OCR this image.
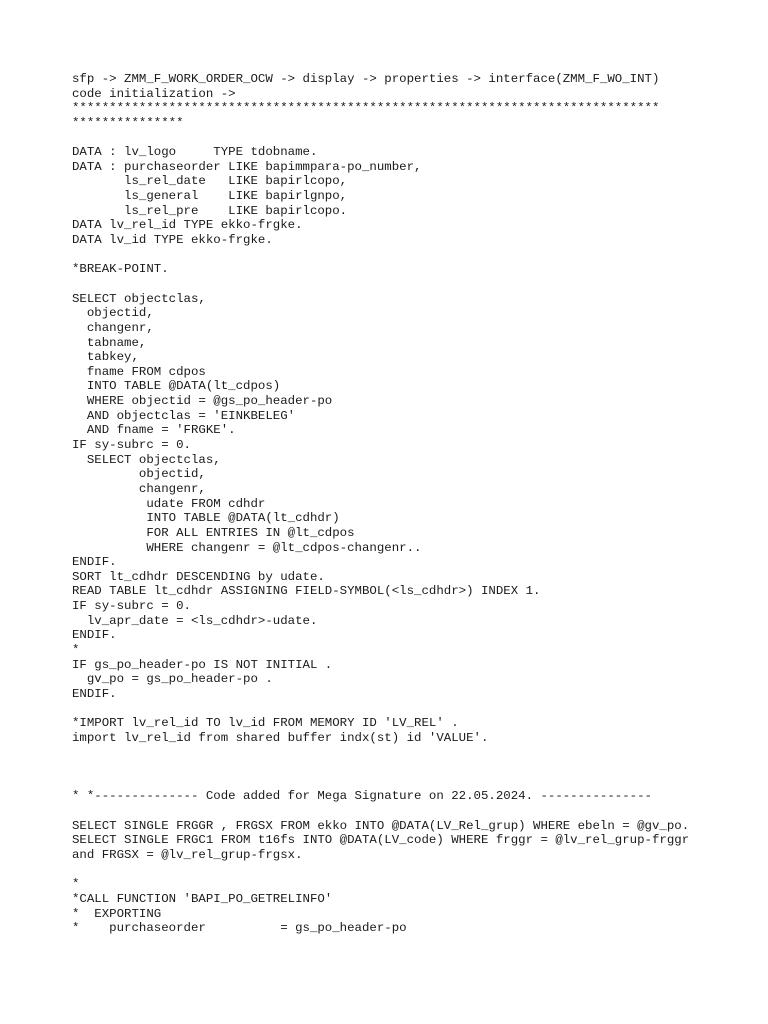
sfp -> ZMM_F_WORK_ORDER_OCW -> display -> properties -> interface(ZMM_F_WO_INT)
code initialization ->
*******************************************************************************
***************
DATA : lv_logo     TYPE tdobname.
DATA : purchaseorder LIKE bapimmpara-po_number,
ls_rel_date   LIKE bapirlcopo,
ls_general    LIKE bapirlgnpo,
ls_rel_pre    LIKE bapirlcopo.
DATA lv_rel_id TYPE ekko-frgke.
DATA lv_id TYPE ekko-frgke.
*BREAK-POINT.
SELECT objectclas,
objectid,
changenr,
tabname,
tabkey,
fname FROM cdpos
INTO TABLE @DATA(lt_cdpos)
WHERE objectid = @gs_po_header-po
AND objectclas = 'EINKBELEG'
AND fname = 'FRGKE'.
IF sy-subrc = 0.
SELECT objectclas,
objectid,
changenr,
udate FROM cdhdr
INTO TABLE @DATA(lt_cdhdr)
FOR ALL ENTRIES IN @lt_cdpos
WHERE changenr = @lt_cdpos-changenr..
ENDIF.
SORT lt_cdhdr DESCENDING by udate.
READ TABLE lt_cdhdr ASSIGNING FIELD-SYMBOL(<ls_cdhdr>) INDEX 1.
IF sy-subrc = 0.
lv_apr_date = <ls_cdhdr>-udate.
ENDIF.
*
IF gs_po_header-po IS NOT INITIAL .
gv_po = gs_po_header-po .
ENDIF.
*IMPORT lv_rel_id TO lv_id FROM MEMORY ID 'LV_REL' .
import lv_rel_id from shared buffer indx(st) id 'VALUE'.
* *-------------- Code added for Mega Signature on 22.05.2024. ---------------
SELECT SINGLE FRGGR , FRGSX FROM ekko INTO @DATA(LV_Rel_grup) WHERE ebeln = @gv_po.
SELECT SINGLE FRGC1 FROM t16fs INTO @DATA(LV_code) WHERE frggr = @lv_rel_grup-frggr
and FRGSX = @lv_rel_grup-frgsx.
*
*CALL FUNCTION 'BAPI_PO_GETRELINFO'
*  EXPORTING
*    purchaseorder          = gs_po_header-po
